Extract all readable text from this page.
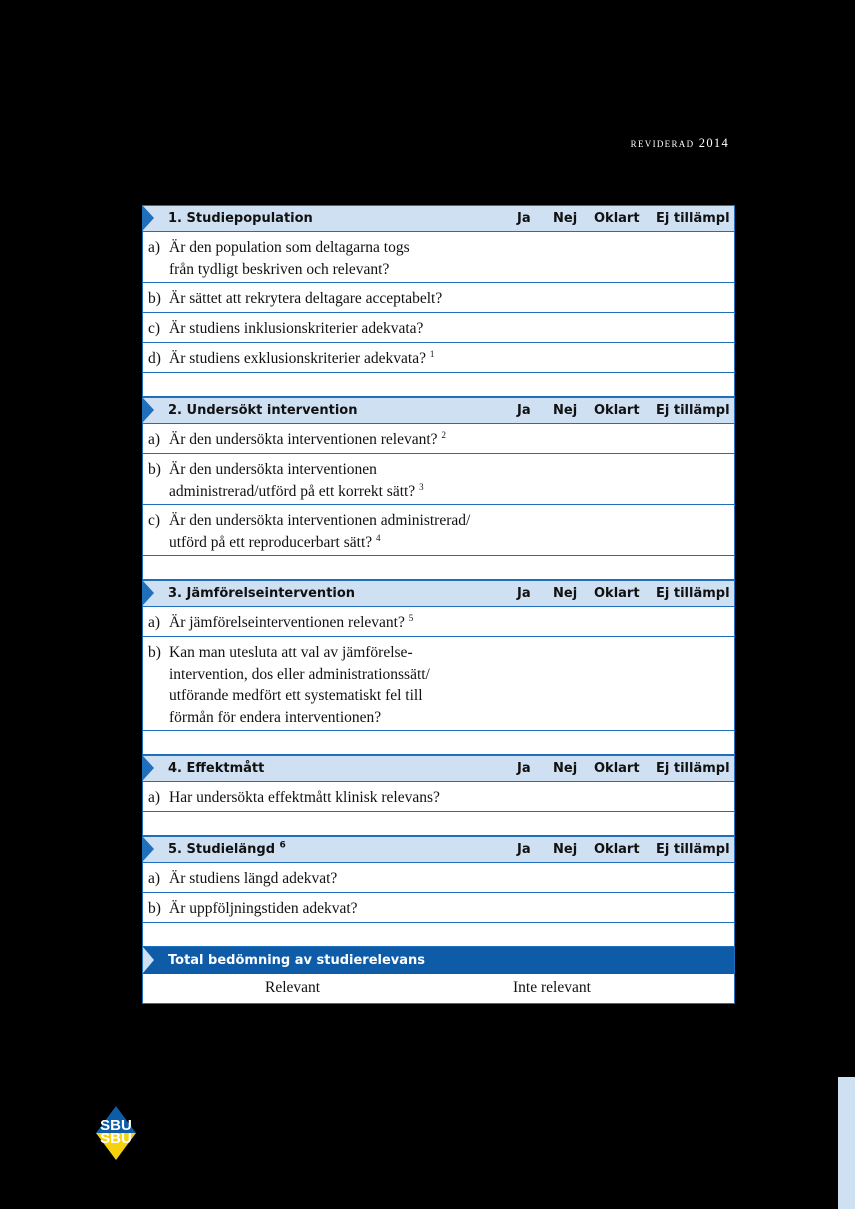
reviderad 2014
1. Studiepopulation	Ja Nej Oklart Ej tillämpl
a) Är den population som deltagarna togs
från tydligt beskriven och relevant?
b) Är sättet att rekrytera deltagare acceptabelt?
c) Är studiens inklusionskriterier adekvata?
d) Är studiens exklusionskriterier adekvata? $^1$
2. Undersökt intervention	Ja Nej Oklart Ej tillämpl
a) Är den undersökta interventionen relevant? $^2$
b) Är den undersökta interventionen
administrerad/utförd på ett korrekt sätt? $^3$
c) Är den undersökta interventionen administrerad/
utförd på ett reproducerbart sätt? $^4$
3. Jämförelseintervention	Ja Nej Oklart Ej tillämpl
a) Är jämförelseinterventionen relevant? $^5$
b) Kan man utesluta att val av jämförelse-
intervention, dos eller administrationssätt/
utförande medfört ett systematiskt fel till
förmån för endera interventionen?
4. Effektmått	Ja Nej Oklart Ej tillämpl
a) Har undersökta effektmått klinisk relevans?
5. Studielängd $^6$	Ja Nej Oklart Ej tillämpl
a) Är studiens längd adekvat?
b) Är uppföljningstiden adekvat?
Total bedömning av studierelevans
Relevant	Inte relevant
SBU
SBU
